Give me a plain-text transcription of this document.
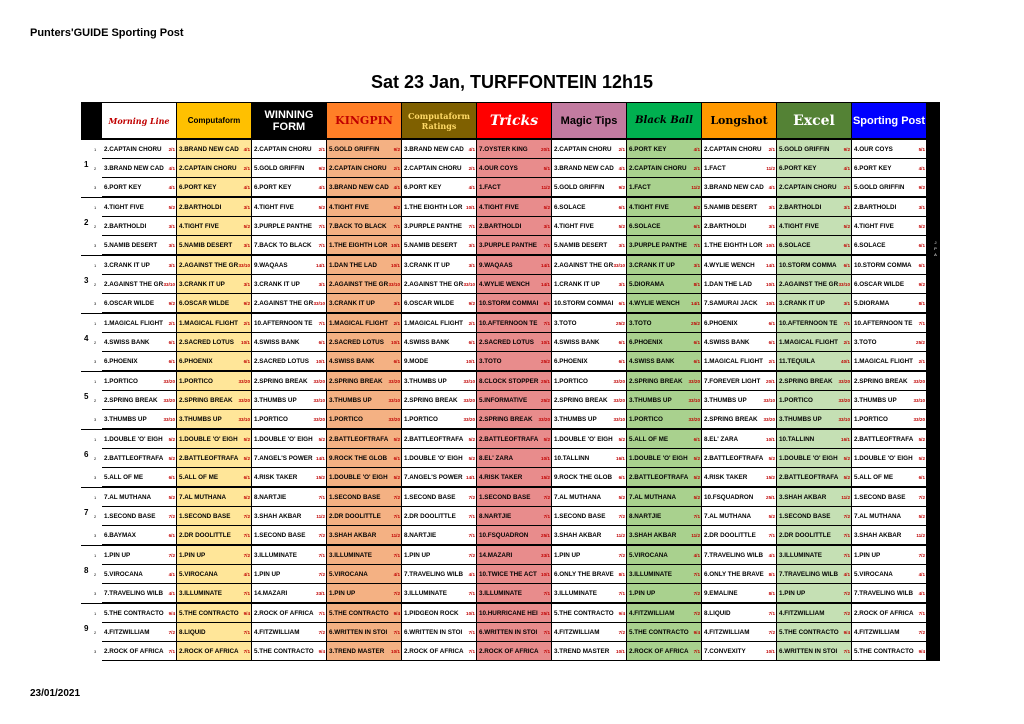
Punters'GUIDE Sporting Post
Sat 23 Jan, TURFFONTEIN 12h15
Morning Line	Computaform	WINNING FORM	KINGPIN	Computaform Ratings	Tricks	Magic Tips	Black Ball	Longshot	Excel	Sporting Post
1
1
2
3
2.CAPTAIN CHORU	2/1 3.BRAND NEW CAD	4/1 2.CAPTAIN CHORU	2/1 5.GOLD GRIFFIN	9/2 3.BRAND NEW CAD	4/1 7.OYSTER KING	20/1 2.CAPTAIN CHORU	2/1 6.PORT KEY	4/1 2.CAPTAIN CHORU	2/1 5.GOLD GRIFFIN	9/2 4.OUR COYS	5/1
3.BRAND NEW CAD	4/1 2.CAPTAIN CHORU	2/1 5.GOLD GRIFFIN	9/2 2.CAPTAIN CHORU	2/1 2.CAPTAIN CHORU	2/1 4.OUR COYS	5/1 3.BRAND NEW CAD	4/1 2.CAPTAIN CHORU	2/1 1.FACT	11/2 6.PORT KEY	4/1 6.PORT KEY	4/1
6.PORT KEY	4/1 6.PORT KEY	4/1 6.PORT KEY	4/1 3.BRAND NEW CAD	4/1 6.PORT KEY	4/1 1.FACT	11/2 5.GOLD GRIFFIN	9/2 1.FACT	11/2 3.BRAND NEW CAD	4/1 2.CAPTAIN CHORU	2/1 5.GOLD GRIFFIN	9/2
2
1
2
3
4.TIGHT FIVE	5/2 2.BARTHOLDI	3/1 4.TIGHT FIVE	5/2 4.TIGHT FIVE	5/2 1.THE EIGHTH LOR 10/1 4.TIGHT FIVE	5/2 6.SOLACE	6/1 4.TIGHT FIVE	5/2 5.NAMIB DESERT	3/1 2.BARTHOLDI	3/1 2.BARTHOLDI	3/1
2.BARTHOLDI	3/1 4.TIGHT FIVE	5/2 3.PURPLE PANTHE	7/1 7.BACK TO BLACK	7/1 3.PURPLE PANTHE	7/1 2.BARTHOLDI	3/1 4.TIGHT FIVE	5/2 6.SOLACE	6/1 2.BARTHOLDI	3/1 4.TIGHT FIVE	5/2 4.TIGHT FIVE	5/2
5.NAMIB DESERT	3/1 5.NAMIB DESERT	3/1 7.BACK TO BLACK	7/1 1.THE EIGHTH LOR 10/1 5.NAMIB DESERT	3/1 3.PURPLE PANTHE	7/1 5.NAMIB DESERT	3/1 3.PURPLE PANTHE	7/1 1.THE EIGHTH LOR 10/1 6.SOLACE	6/1 6.SOLACE	6/1
3
1
2
3
3.CRANK IT UP	3/1 2.AGAINST THE GR 33/10 9.WAQAAS	14/1 1.DAN THE LAD	10/1 3.CRANK IT UP	3/1 9.WAQAAS	14/1 2.AGAINST THE GR 33/10 3.CRANK IT UP	3/1 4.WYLIE WENCH	14/1 10.STORM COMMA	6/1 10.STORM COMMA	6/1
2.AGAINST THE GR 33/10 3.CRANK IT UP	3/1 3.CRANK IT UP	3/1 2.AGAINST THE GR 33/10 2.AGAINST THE GR 33/10 4.WYLIE WENCH	14/1 1.CRANK IT UP	3/1 5.DIORAMA	8/1 1.DAN THE LAD	10/1 2.AGAINST THE GR 33/10 6.OSCAR WILDE	9/2
6.OSCAR WILDE	9/2 6.OSCAR WILDE	9/2 2.AGAINST THE GR 33/10 3.CRANK IT UP	3/1 6.OSCAR WILDE	9/2 10.STORM COMMAI	6/1 10.STORM COMMAI	6/1 4.WYLIE WENCH	14/1 7.SAMURAI JACK	10/1 3.CRANK IT UP	3/1 5.DIORAMA	8/1
4
1
2
3
1.MAGICAL FLIGHT	2/1 1.MAGICAL FLIGHT	2/1 10.AFTERNOON TE	7/1 1.MAGICAL FLIGHT	2/1 1.MAGICAL FLIGHT	2/1 10.AFTERNOON TE	7/1 3.TOTO	25/2 3.TOTO	25/2 6.PHOENIX	6/1 10.AFTERNOON TE	7/1 10.AFTERNOON TE	7/1
4.SWISS BANK	6/1 2.SACRED LOTUS	10/1 4.SWISS BANK	6/1 2.SACRED LOTUS	10/1 4.SWISS BANK	6/1 2.SACRED LOTUS	10/1 4.SWISS BANK	6/1 6.PHOENIX	6/1 4.SWISS BANK	6/1 1.MAGICAL FLIGHT	2/1 3.TOTO	25/2
6.PHOENIX	6/1 6.PHOENIX	6/1 2.SACRED LOTUS	10/1 4.SWISS BANK	6/1 9.MODE	10/1 3.TOTO	25/2 6.PHOENIX	6/1 4.SWISS BANK	6/1 1.MAGICAL FLIGHT	2/1 11.TEQUILA	40/1 1.MAGICAL FLIGHT	2/1
5
1
2
3
1.PORTICO	33/20 1.PORTICO	33/20 2.SPRING BREAK	33/20 2.SPRING BREAK	33/20 3.THUMBS UP	33/10 8.CLOCK STOPPER 25/1 1.PORTICO	33/20 2.SPRING BREAK	33/20 7.FOREVER LIGHT	20/1 2.SPRING BREAK	33/20 2.SPRING BREAK	33/20
2.SPRING BREAK	33/20 2.SPRING BREAK	33/20 3.THUMBS UP	33/10 3.THUMBS UP	33/10 2.SPRING BREAK	33/20 5.INFORMATIVE	25/2 2.SPRING BREAK	33/20 3.THUMBS UP	33/10 3.THUMBS UP	33/10 1.PORTICO	33/20 3.THUMBS UP	33/10
3.THUMBS UP	33/10 3.THUMBS UP	33/10 1.PORTICO	33/20 1.PORTICO	33/20 1.PORTICO	33/20 2.SPRING BREAK	33/20 3.THUMBS UP	33/10 1.PORTICO	33/20 2.SPRING BREAK	33/20 3.THUMBS UP	33/10 1.PORTICO	33/20
6
1
2
3
1.DOUBLE 'O' EIGH	5/2 1.DOUBLE 'O' EIGH	5/2 1.DOUBLE 'O' EIGH	5/2 2.BATTLEOFTRAFA	5/2 2.BATTLEOFTRAFA	5/2 2.BATTLEOFTRAFA	5/2 1.DOUBLE 'O' EIGH	5/2 5.ALL OF ME	6/1 8.EL' ZARA	10/1 10.TALLINN	16/1 2.BATTLEOFTRAFA	5/2
2.BATTLEOFTRAFA	5/2 2.BATTLEOFTRAFA	5/2 7.ANGEL'S POWER 14/1 9.ROCK THE GLOB	6/1 1.DOUBLE 'O' EIGH	5/2 8.EL' ZARA	10/1 10.TALLINN	16/1 1.DOUBLE 'O' EIGH	5/2 2.BATTLEOFTRAFA	5/2 1.DOUBLE 'O' EIGH	5/2 1.DOUBLE 'O' EIGH	5/2
5.ALL OF ME	6/1 5.ALL OF ME	6/1 4.RISK TAKER	15/2 1.DOUBLE 'O' EIGH	5/2 7.ANGEL'S POWER 14/1 4.RISK TAKER	15/2 9.ROCK THE GLOB	6/1 2.BATTLEOFTRAFA	5/2 4.RISK TAKER	15/2 2.BATTLEOFTRAFA	5/2 5.ALL OF ME	6/1
7
1
2
3
7.AL MUTHANA	5/2 7.AL MUTHANA	5/2 8.NARTJIE	7/1 1.SECOND BASE	7/2 1.SECOND BASE	7/2 1.SECOND BASE	7/2 7.AL MUTHANA	5/2 7.AL MUTHANA	5/2 10.FSQUADRON	25/1 3.SHAH AKBAR	11/2 1.SECOND BASE	7/2
1.SECOND BASE	7/2 1.SECOND BASE	7/2 3.SHAH AKBAR	11/2 2.DR DOOLITTLE	7/1 2.DR DOOLITTLE	7/1 8.NARTJIE	7/1 1.SECOND BASE	7/2 8.NARTJIE	7/1 7.AL MUTHANA	5/2 1.SECOND BASE	7/2 7.AL MUTHANA	5/2
6.BAYMAX	6/1 2.DR DOOLITTLE	7/1 1.SECOND BASE	7/2 3.SHAH AKBAR	11/2 8.NARTJIE	7/1 10.FSQUADRON	25/1 3.SHAH AKBAR	11/2 3.SHAH AKBAR	11/2 2.DR DOOLITTLE	7/1 2.DR DOOLITTLE	7/1 3.SHAH AKBAR	11/2
8
1
2
3
1.PIN UP	7/2 1.PIN UP	7/2 3.ILLUMINATE	7/1 3.ILLUMINATE	7/1 1.PIN UP	7/2 14.MAZARI	33/1 1.PIN UP	7/2 5.VIROCANA	4/1 7.TRAVELING WILB	4/1 3.ILLUMINATE	7/1 1.PIN UP	7/2
5.VIROCANA	4/1 5.VIROCANA	4/1 1.PIN UP	7/2 5.VIROCANA	4/1 7.TRAVELING WILB	4/1 10.TWICE THE ACT 10/1 6.ONLY THE BRAVE	8/1 3.ILLUMINATE	7/1 6.ONLY THE BRAVE	8/1 7.TRAVELING WILB	4/1 5.VIROCANA	4/1
7.TRAVELING WILB	4/1 3.ILLUMINATE	7/1 14.MAZARI	33/1 1.PIN UP	7/2 3.ILLUMINATE	7/1 3.ILLUMINATE	7/1 3.ILLUMINATE	7/1 1.PIN UP	7/2 9.EMALINE	8/1 1.PIN UP	7/2 7.TRAVELING WILB	4/1
9
1
2
3
5.THE CONTRACTO	9/4 5.THE CONTRACTO	9/4 2.ROCK OF AFRICA	7/1 5.THE CONTRACTO	9/4 1.PIDGEON ROCK	10/1 10.HURRICANE HEI 25/1 5.THE CONTRACTO	9/4 4.FITZWILLIAM	7/2 8.LIQUID	7/1 4.FITZWILLIAM	7/2 2.ROCK OF AFRICA	7/1
4.FITZWILLIAM	7/2 8.LIQUID	7/1 4.FITZWILLIAM	7/2 6.WRITTEN IN STOI	7/1 6.WRITTEN IN STOI	7/1 6.WRITTEN IN STOI	7/1 4.FITZWILLIAM	7/2 5.THE CONTRACTO	9/4 4.FITZWILLIAM	7/2 5.THE CONTRACTO	9/4 4.FITZWILLIAM	7/2
2.ROCK OF AFRICA	7/1 2.ROCK OF AFRICA	7/1 5.THE CONTRACTO	9/4 3.TREND MASTER	10/1 2.ROCK OF AFRICA	7/1 2.ROCK OF AFRICA	7/1 3.TREND MASTER	10/1 2.ROCK OF AFRICA	7/1 7.CONVEXITY	10/1 6.WRITTEN IN STOI	7/1 5.THE CONTRACTO	9/4
23/01/2021
J
P
A
